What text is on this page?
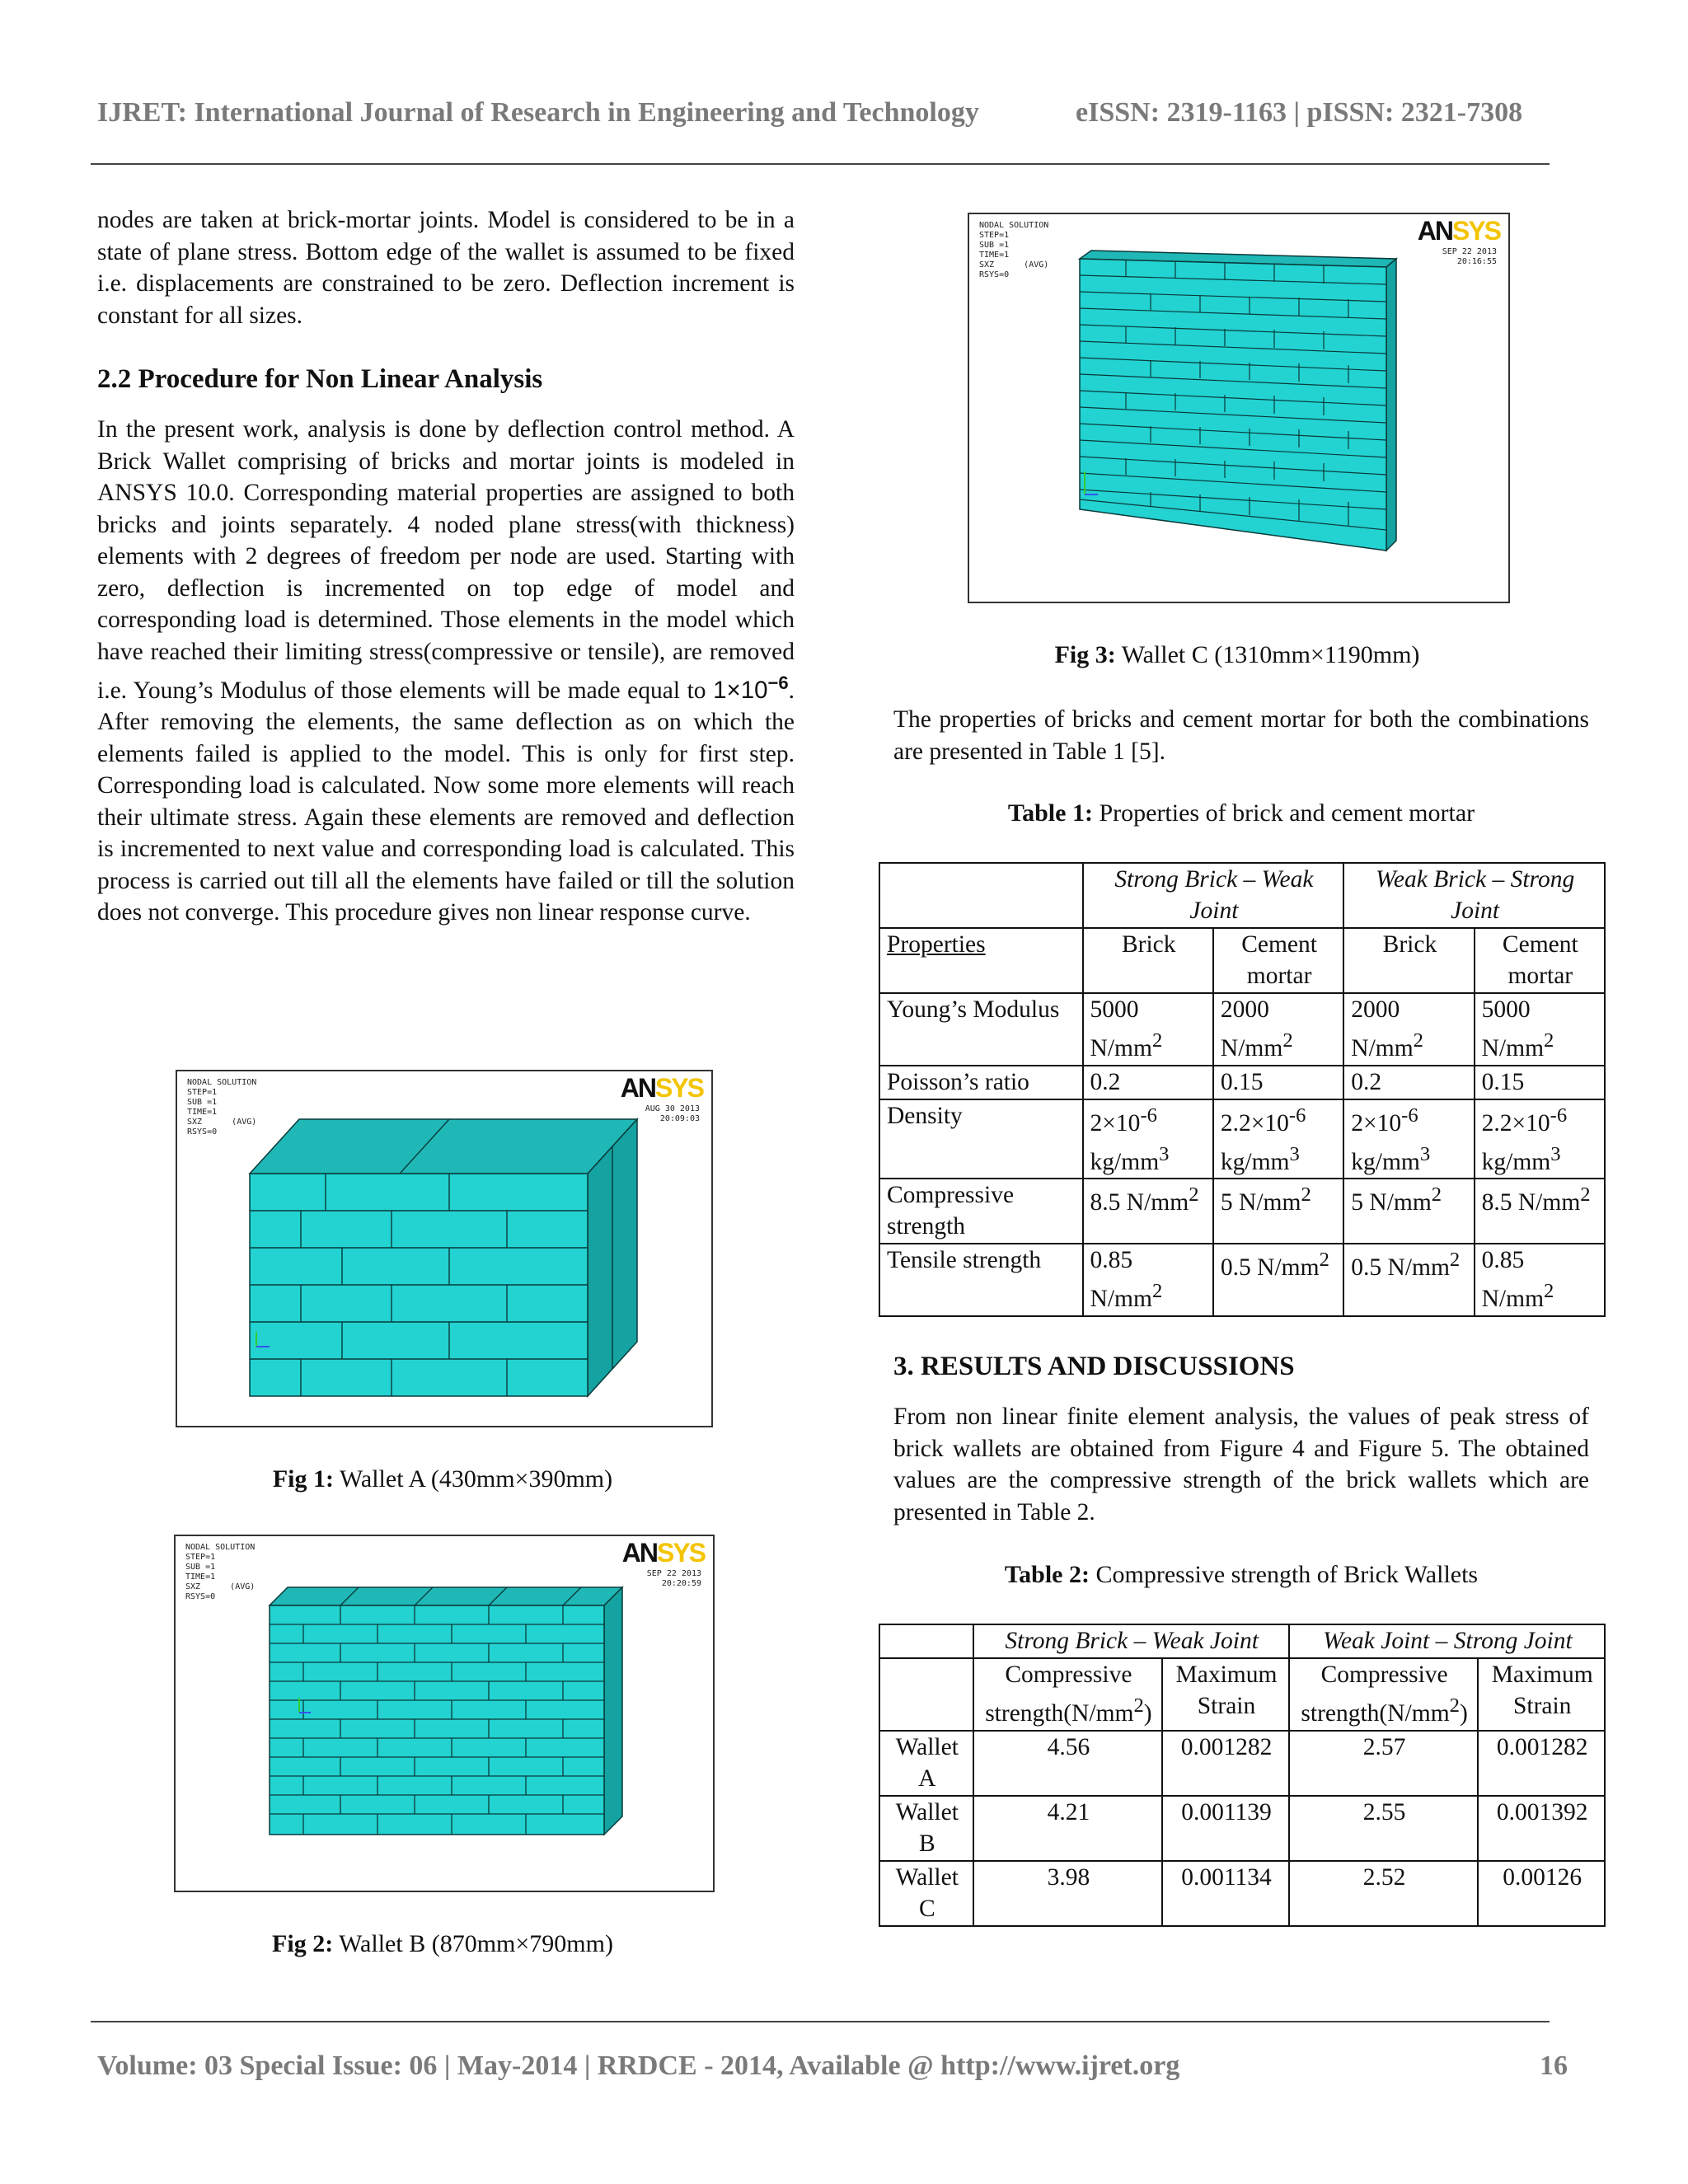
IJRET: International Journal of Research in Engineering and Technology	eISSN: 2319-1163 | pISSN: 2321-7308

nodes are taken at brick-mortar joints. Model is considered to be in a state of plane stress. Bottom edge of the wallet is assumed to be fixed i.e. displacements are constrained to be zero. Deflection increment is constant for all sizes.

2.2 Procedure for Non Linear Analysis

In the present work, analysis is done by deflection control method. A Brick Wallet comprising of bricks and mortar joints is modeled in ANSYS 10.0. Corresponding material properties are assigned to both bricks and joints separately. 4 noded plane stress(with thickness) elements with 2 degrees of freedom per node are used. Starting with zero, deflection is incremented on top edge of model and corresponding load is determined. Those elements in the model which have reached their limiting stress(compressive or tensile), are removed i.e. Young’s Modulus of those elements will be made equal to $1\times 10^{-6}$. After removing the elements, the same deflection as on which the elements failed is applied to the model. This is only for first step. Corresponding load is calculated. Now some more elements will reach their ultimate stress. Again these elements are removed and deflection is incremented to next value and corresponding load is calculated. This process is carried out till all the elements have failed or till the solution does not converge. This procedure gives non linear response curve.

NODAL SOLUTION
STEP=1
SUB =1
TIME=1
SXZ      (AVG)
RSYS=0
ANSYS
AUG 30 2013
20:09:03
Fig 1: Wallet A (430mm×390mm)
NODAL SOLUTION
STEP=1
SUB =1
TIME=1
SXZ      (AVG)
RSYS=0
ANSYS
SEP 22 2013
20:20:59
Fig 2: Wallet B (870mm×790mm)
NODAL SOLUTION
STEP=1
SUB =1
TIME=1
SXZ      (AVG)
RSYS=0
ANSYS
SEP 22 2013
20:16:55
Fig 3: Wallet C (1310mm×1190mm)

The properties of bricks and cement mortar for both the combinations are presented in Table 1 [5].

Table 1: Properties of brick and cement mortar
	Strong Brick – Weak Joint		Weak Brick – Strong Joint	
Properties	Brick	Cement mortar	Brick	Cement mortar
Young’s Modulus	5000 $N/mm^2$	2000 $N/mm^2$	2000 $N/mm^2$	5000 $N/mm^2$
Poisson’s ratio	0.2	0.15	0.2	0.15
Density	$2\times 10^{-6}$ $kg/mm^3$	$2.2\times 10^{-6}$ $kg/mm^3$	$2\times 10^{-6}$ $kg/mm^3$	$2.2\times 10^{-6}$ $kg/mm^3$
Compressive strength	8.5 $N/mm^2$	5 $N/mm^2$	5 $N/mm^2$	8.5 $N/mm^2$
Tensile strength	0.85 $N/mm^2$	0.5 $N/mm^2$	0.5 $N/mm^2$	0.85 $N/mm^2$
3. RESULTS AND DISCUSSIONS

From non linear finite element analysis, the values of peak stress of brick wallets are obtained from Figure 4 and Figure 5. The obtained values are the compressive strength of the brick wallets which are presented in Table 2.

Table 2: Compressive strength of Brick Wallets
	Strong Brick – Weak Joint		Weak Joint – Strong Joint	
	Compressive $strength(N/mm^2)$	Maximum Strain	Compressive $strength(N/mm^2)$	Maximum Strain
Wallet A	4.56	0.001282	2.57	0.001282
Wallet B	4.21	0.001139	2.55	0.001392
Wallet C	3.98	0.001134	2.52	0.00126
Volume: 03 Special Issue: 06 | May-2014 | RRDCE - 2014, Available @ http://www.ijret.org	16
